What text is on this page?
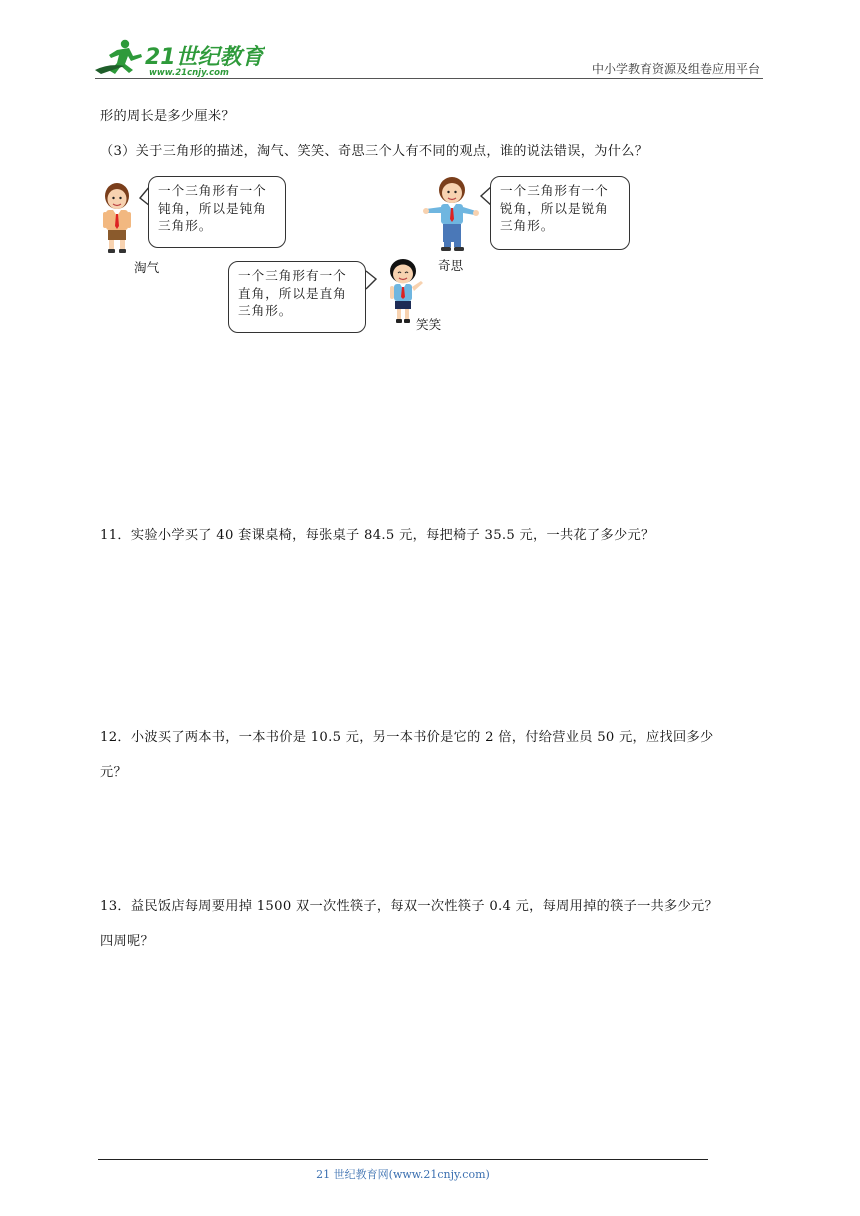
21世纪教育
www.21cnjy.com	中小学教育资源及组卷应用平台
形的周长是多少厘米？
（3）关于三角形的描述，淘气、笑笑、奇思三个人有不同的观点，谁的说法错误，为什么？
淘气
一个三角形有一个
钝角，所以是钝角
三角形。
一个三角形有一个
直角，所以是直角
三角形。
笑笑
奇思
一个三角形有一个
锐角，所以是锐角
三角形。
11．实验小学买了 40 套课桌椅，每张桌子 84.5 元，每把椅子 35.5 元，一共花了多少元？
12．小波买了两本书，一本书价是 10.5 元，另一本书价是它的 2 倍，付给营业员 50 元，应找回多少
元？
13．益民饭店每周要用掉 1500 双一次性筷子，每双一次性筷子 0.4 元，每周用掉的筷子一共多少元？
四周呢？
21 世纪教育网(www.21cnjy.com)
